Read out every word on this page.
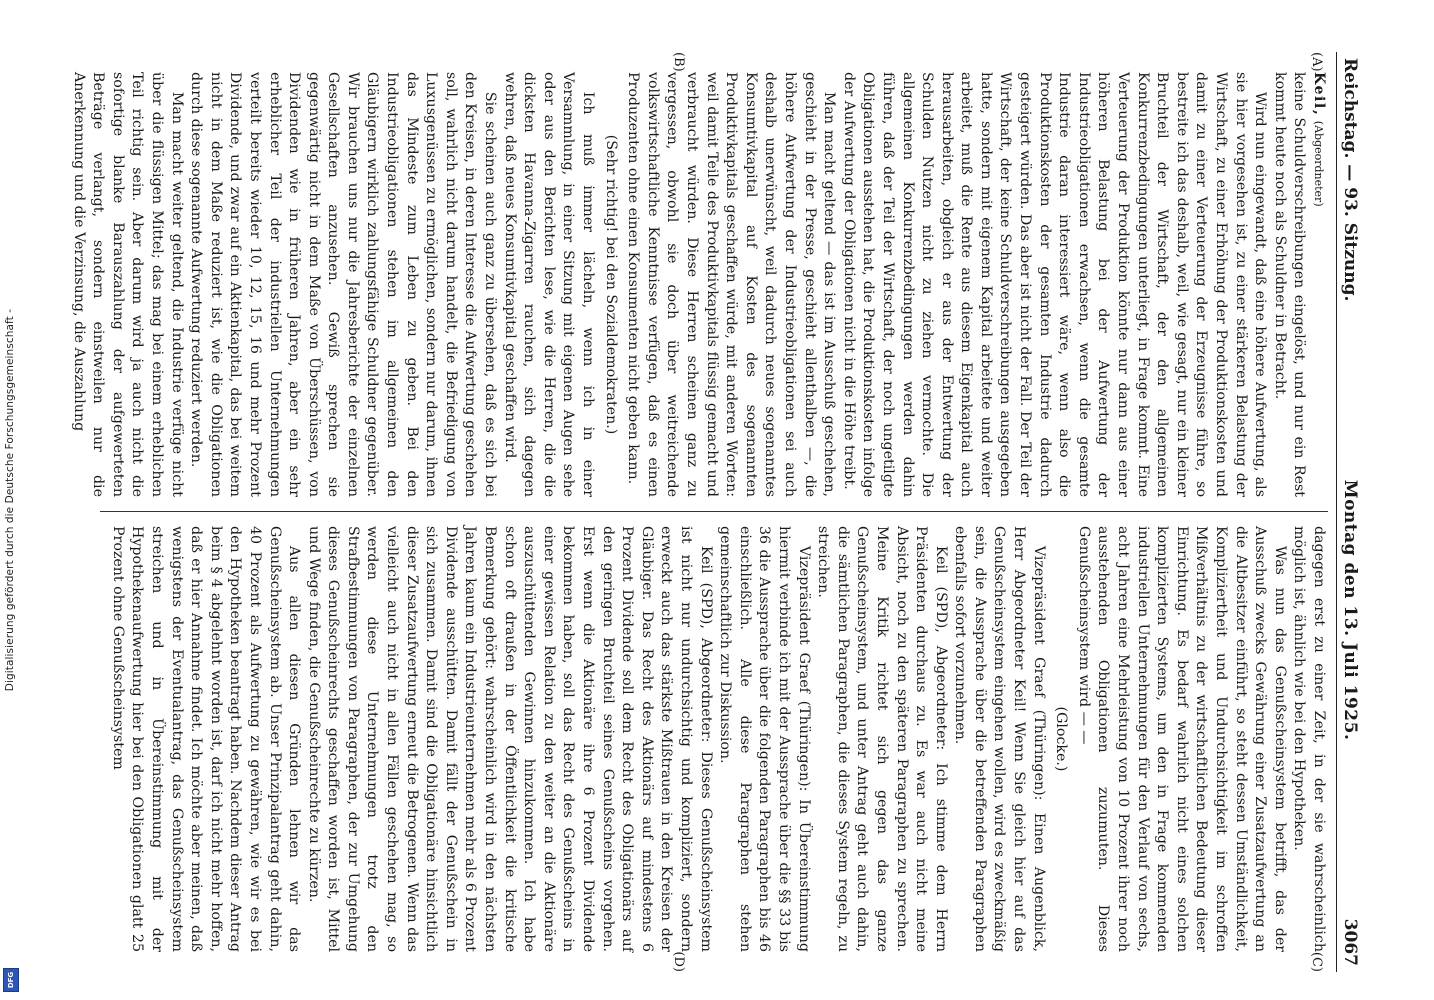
Digitalisierung gefördert durch die Deutsche Forschungsgemeinschaft -
DFG
Reichstag. — 93. Sitzung.
Montag den 13. Juli 1925.
3067
(A)
(B)

Keil, (Abgeordneter)

keine Schuldverschreibungen eingelöst, und nur ein Rest kommt heute noch als Schuldner in Betracht.

Wird nun eingewandt, daß eine höhere Aufwertung, als sie hier vorgesehen ist, zu einer stärkeren Belastung der Wirtschaft, zu einer Erhöhung der Produktionskosten und damit zu einer Verteuerung der Erzeugnisse führe, so bestreite ich das deshalb, weil, wie gesagt, nur ein kleiner Bruchteil der Wirtschaft, der den allgemeinen Konkurrenzbedingungen unterliegt, in Frage kommt. Eine Verteuerung der Produktion könnte nur dann aus einer höheren Belastung bei der Aufwertung der Industrieobligationen erwachsen, wenn die gesamte Industrie daran interessiert wäre, wenn also die Produktionskosten der gesamten Industrie dadurch gesteigert würden. Das aber ist nicht der Fall. Der Teil der Wirtschaft, der keine Schuldverschreibungen ausgegeben hatte, sondern mit eigenem Kapital arbeitete und weiter arbeitet, muß die Rente aus diesem Eigenkapital auch herausarbeiten, obgleich er aus der Entwertung der Schulden Nutzen nicht zu ziehen vermochte. Die allgemeinen Konkurrenzbedingungen werden dahin führen, daß der Teil der Wirtschaft, der noch ungetilgte Obligationen ausstehen hat, die Produktionskosten infolge der Aufwertung der Obligationen nicht in die Höhe treibt.

Man macht geltend — das ist im Ausschuß geschehen, geschieht in der Presse, geschieht allenthalben —, die höhere Aufwertung der Industrieobligationen sei auch deshalb unerwünscht, weil dadurch neues sogenanntes Konsumtivkapital auf Kosten des sogenannten Produktivkapitals geschaffen würde, mit anderen Worten: weil damit Teile des Produktivkapitals flüssig gemacht und verbraucht würden. Diese Herren scheinen ganz zu vergessen, obwohl sie doch über weitreichende volkswirtschaftliche Kenntnisse verfügen, daß es einen Produzenten ohne einen Konsumenten nicht geben kann.

(Sehr richtig! bei den Sozialdemokraten.)

Ich muß immer lächeln, wenn ich in einer Versammlung, in einer Sitzung mit eigenen Augen sehe oder aus den Berichten lese, wie die Herren, die die dicksten Havanna-Zigarren rauchen, sich dagegen wehren, daß neues Konsumtivkapital geschaffen wird.

Sie scheinen auch ganz zu übersehen, daß es sich bei den Kreisen, in deren Interesse die Aufwertung geschehen soll, wahrlich nicht darum handelt, die Befriedigung von Luxusgenüssen zu ermöglichen, sondern nur darum, ihnen das Mindeste zum Leben zu geben. Bei den Industrieobligationen stehen im allgemeinen den Gläubigern wirklich zahlungsfähige Schuldner gegenüber. Wir brauchen uns nur die Jahresberichte der einzelnen Gesellschaften anzusehen. Gewiß sprechen sie gegenwärtig nicht in dem Maße von Überschüssen, von Dividenden wie in früheren Jahren, aber ein sehr erheblicher Teil der industriellen Unternehmungen verteilt bereits wieder 10, 12, 15, 16 und mehr Prozent Dividende, und zwar auf ein Aktienkapital, das bei weitem nicht in dem Maße reduziert ist, wie die Obligationen durch diese sogenannte Aufwertung reduziert werden.

Man macht weiter geltend, die Industrie verfüge nicht über die flüssigen Mittel; das mag bei einem erheblichen Teil richtig sein. Aber darum wird ja auch nicht die sofortige blanke Barauszahlung der aufgewerteten Beträge verlangt, sondern einstweilen nur die Anerkennung und die Verzinsung, die Auszahlung

(C)
(D)

dagegen erst zu einer Zeit, in der sie wahrscheinlich möglich ist, ähnlich wie bei den Hypotheken.

Was nun das Genußscheinsystem betrifft, das der Ausschuß zwecks Gewährung einer Zusatzaufwertung an die Altbesitzer einführt, so steht dessen Umständlichkeit, Kompliziertheit und Undurchsichtigkeit im schroffen Mißverhältnis zu der wirtschaftlichen Bedeutung dieser Einrichtung. Es bedarf wahrlich nicht eines solchen komplizierten Systems, um den in Frage kommenden industriellen Unternehmungen für den Verlauf von sechs, acht Jahren eine Mehrleistung von 10 Prozent ihrer noch ausstehenden Obligationen zuzumuten. Dieses Genußscheinsystem wird — —

(Glocke.)

Vizepräsident Graef (Thüringen): Einen Augenblick, Herr Abgeordneter Keil! Wenn Sie gleich hier auf das Genußscheinsystem eingehen wollen, wird es zweckmäßig sein, die Aussprache über die betreffenden Paragraphen ebenfalls sofort vorzunehmen.

Keil (SPD), Abgeordneter: Ich stimme dem Herrn Präsidenten durchaus zu. Es war auch nicht meine Absicht, noch zu den späteren Paragraphen zu sprechen. Meine Kritik richtet sich gegen das ganze Genußscheinsystem, und unter Antrag geht auch dahin, die sämtlichen Paragraphen, die dieses System regeln, zu streichen.

Vizepräsident Graef (Thüringen): In Übereinstimmung hiermit verbinde ich mit der Aussprache über die §§ 33 bis 36 die Aussprache über die folgenden Paragraphen bis 46 einschließlich. Alle diese Paragraphen stehen gemeinschaftlich zur Diskussion.

Keil (SPD), Abgeordneter: Dieses Genußscheinsystem ist nicht nur undurchsichtig und kompliziert, sondern erweckt auch das stärkste Mißtrauen in den Kreisen der Gläubiger. Das Recht des Aktionärs auf mindestens 6 Prozent Dividende soll dem Recht des Obligationärs auf den geringen Bruchteil seines Genußscheins vorgehen. Erst wenn die Aktionäre ihre 6 Prozent Dividende bekommen haben, soll das Recht des Genußscheins in einer gewissen Relation zu den weiter an die Aktionäre auszuschüttenden Gewinnen hinzukommen. Ich habe schon oft draußen in der Öffentlichkeit die kritische Bemerkung gehört: wahrscheinlich wird in den nächsten Jahren kaum ein Industrieunternehmen mehr als 6 Prozent Dividende ausschütten. Damit fällt der Genußschein in sich zusammen. Damit sind die Obligationäre hinsichtlich dieser Zusatzaufwertung erneut die Betrogenen. Wenn das vielleicht auch nicht in allen Fällen geschehen mag, so werden diese Unternehmungen trotz den Strafbestimmungen von Paragraphen, der zur Umgehung dieses Genußscheinrechts geschaffen worden ist, Mittel und Wege finden, die Genußscheinrechte zu kürzen.

Aus allen diesen Gründen lehnen wir das Genußscheinsystem ab. Unser Prinzipalantrag geht dahin, 40 Prozent als Aufwertung zu gewähren, wie wir es bei den Hypotheken beantragt haben. Nachdem dieser Antrag beim § 4 abgelehnt worden ist, darf ich nicht mehr hoffen, daß er hier Annahme findet. Ich möchte aber meinen, daß wenigstens der Eventualantrag, das Genußscheinsystem streichen und in Übereinstimmung mit der Hypothekenaufwertung hier bei den Obligationen glatt 25 Prozent ohne Genußscheinsystem
